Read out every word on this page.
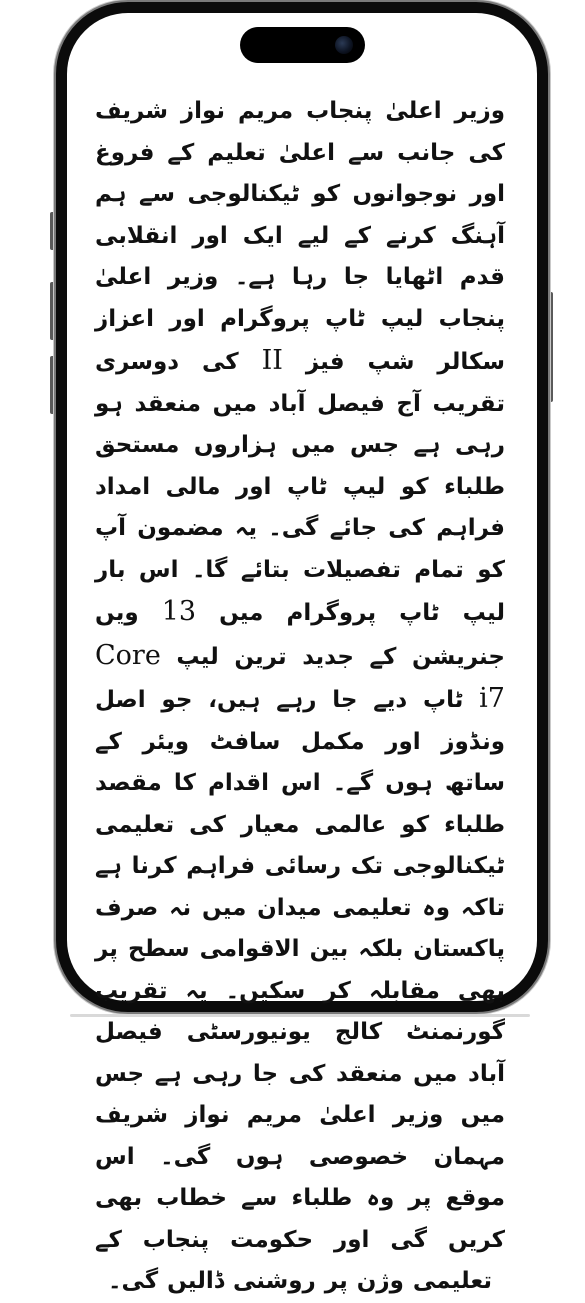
وزیر اعلیٰ پنجاب مریم نواز شریف کی جانب سے اعلیٰ تعلیم کے فروغ اور نوجوانوں کو ٹیکنالوجی سے ہم آہنگ کرنے کے لیے ایک اور انقلابی قدم اٹھایا جا رہا ہے۔ وزیر اعلیٰ پنجاب لیپ ٹاپ پروگرام اور اعزاز سکالر شپ فیز II کی دوسری تقریب آج فیصل آباد میں منعقد ہو رہی ہے جس میں ہزاروں مستحق طلباء کو لیپ ٹاپ اور مالی امداد فراہم کی جائے گی۔ یہ مضمون آپ کو تمام تفصیلات بتائے گا۔ اس بار لیپ ٹاپ پروگرام میں 13 ویں جنریشن کے جدید ترین لیپ Core i7 ٹاپ دیے جا رہے ہیں، جو اصل ونڈوز اور مکمل سافٹ ویئر کے ساتھ ہوں گے۔ اس اقدام کا مقصد طلباء کو عالمی معیار کی تعلیمی ٹیکنالوجی تک رسائی فراہم کرنا ہے تاکہ وہ تعلیمی میدان میں نہ صرف پاکستان بلکہ بین الاقوامی سطح پر بھی مقابلہ کر سکیں۔ یہ تقریب گورنمنٹ کالج یونیورسٹی فیصل آباد میں منعقد کی جا رہی ہے جس میں وزیر اعلیٰ مریم نواز شریف مہمان خصوصی ہوں گی۔ اس موقع پر وہ طلباء سے خطاب بھی کریں گی اور حکومت پنجاب کے تعلیمی وژن پر روشنی ڈالیں گی۔
